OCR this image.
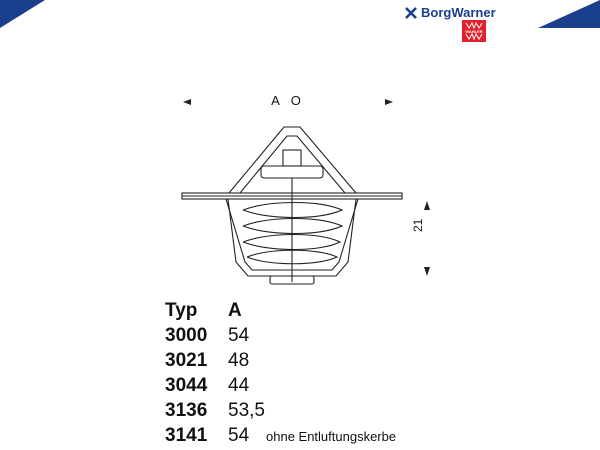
BorgWarner
WAHLER
A O
21
Typ	A	
3000	54	
3021	48	
3044	44	
3136	53,5	
3141	54	ohne Entluftungskerbe
